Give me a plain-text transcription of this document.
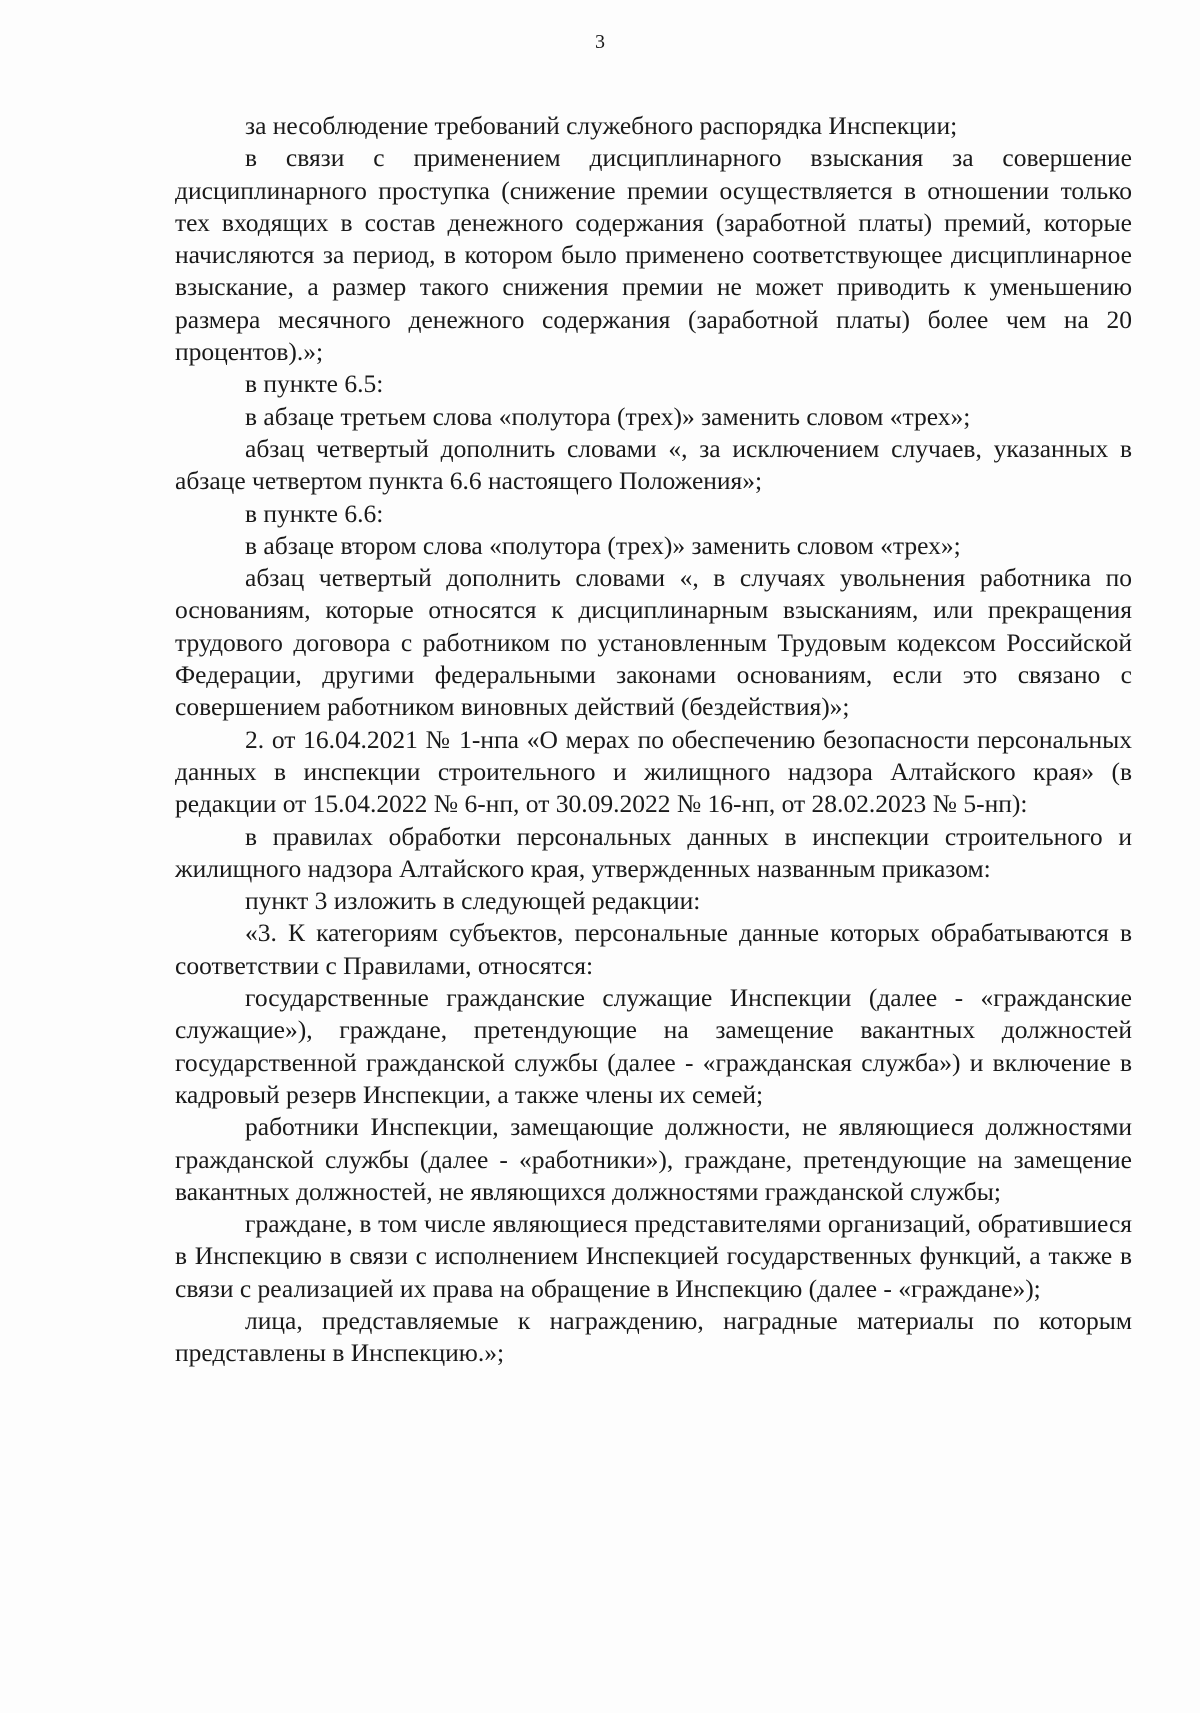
3

за несоблюдение требований служебного распорядка Инспекции;

в связи с применением дисциплинарного взыскания за совершение дисциплинарного проступка (снижение премии осуществляется в отношении только тех входящих в состав денежного содержания (заработной платы) премий, которые начисляются за период, в котором было применено соответствующее дисциплинарное взыскание, а размер такого снижения премии не может приводить к уменьшению размера месячного денежного содержания (заработной платы) более чем на 20 процентов).»;

в пункте 6.5:

в абзаце третьем слова «полутора (трех)» заменить словом «трех»;

абзац четвертый дополнить словами «, за исключением случаев, указанных в абзаце четвертом пункта 6.6 настоящего Положения»;

в пункте 6.6:

в абзаце втором слова «полутора (трех)» заменить словом «трех»;

абзац четвертый дополнить словами «, в случаях увольнения работника по основаниям, которые относятся к дисциплинарным взысканиям, или прекращения трудового договора с работником по установленным Трудовым кодексом Российской Федерации, другими федеральными законами основаниям, если это связано с совершением работником виновных действий (бездействия)»;

2. от 16.04.2021 № 1-нпа «О мерах по обеспечению безопасности персональных данных в инспекции строительного и жилищного надзора Алтайского края» (в редакции от 15.04.2022 № 6-нп, от 30.09.2022 № 16-нп, от 28.02.2023 № 5-нп):

в правилах обработки персональных данных в инспекции строительного и жилищного надзора Алтайского края, утвержденных названным приказом:

пункт 3 изложить в следующей редакции:

«3. К категориям субъектов, персональные данные которых обрабатываются в соответствии с Правилами, относятся:

государственные гражданские служащие Инспекции (далее - «гражданские служащие»), граждане, претендующие на замещение вакантных должностей государственной гражданской службы (далее - «гражданская служба») и включение в кадровый резерв Инспекции, а также члены их семей;

работники Инспекции, замещающие должности, не являющиеся должностями гражданской службы (далее - «работники»), граждане, претендующие на замещение вакантных должностей, не являющихся должностями гражданской службы;

граждане, в том числе являющиеся представителями организаций, обратившиеся в Инспекцию в связи с исполнением Инспекцией государственных функций, а также в связи с реализацией их права на обращение в Инспекцию (далее - «граждане»);

лица, представляемые к награждению, наградные материалы по которым представлены в Инспекцию.»;
